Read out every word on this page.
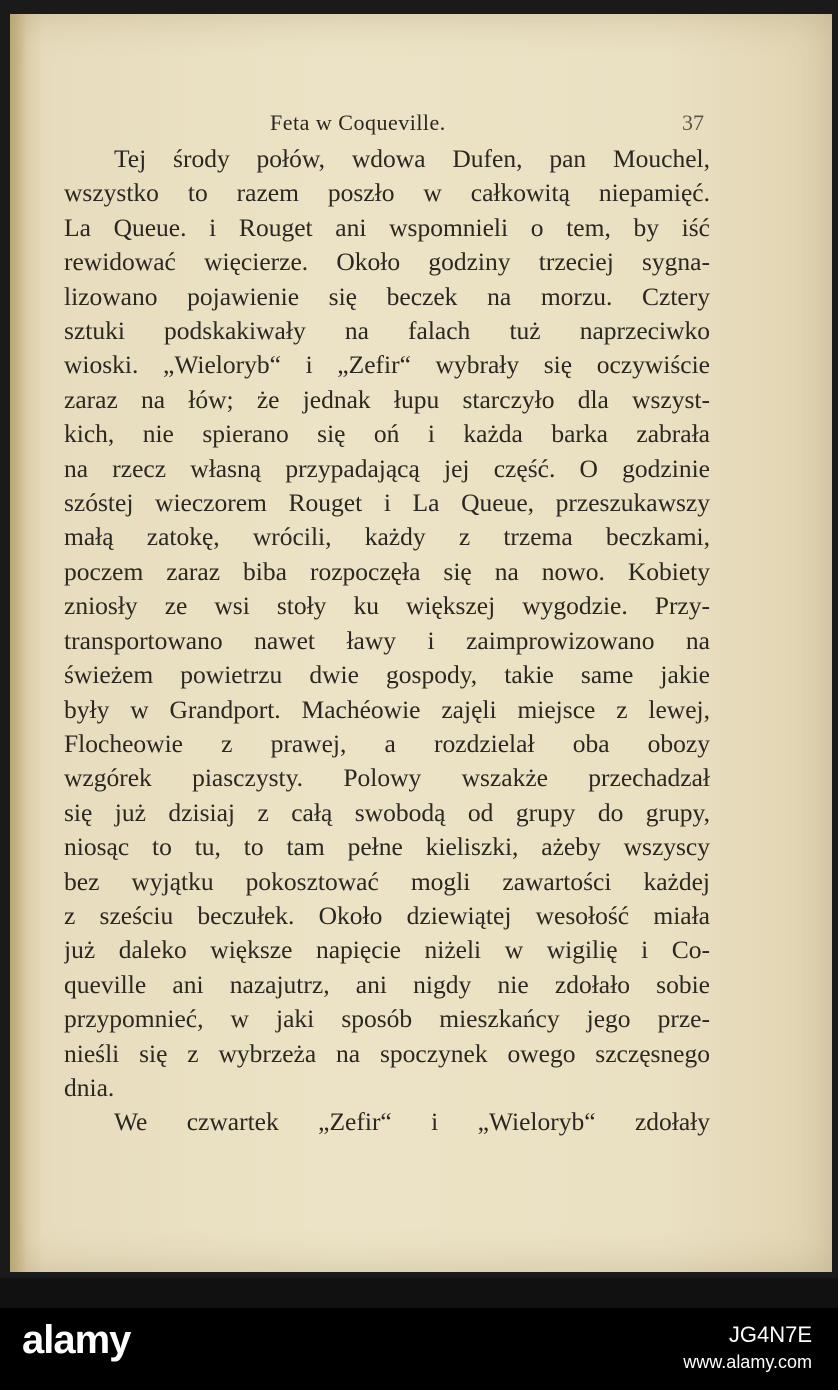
Feta w Coqueville.	37
Tej środy połów, wdowa Dufen, pan Mouchel,
wszystko to razem poszło w całkowitą niepamięć.
La Queue. i Rouget ani wspomnieli o tem, by iść
rewidować więcierze. Około godziny trzeciej sygna-
lizowano pojawienie się beczek na morzu. Cztery
sztuki podskakiwały na falach tuż naprzeciwko
wioski. „Wieloryb“ i „Zefir“ wybrały się oczywiście
zaraz na łów; że jednak łupu starczyło dla wszyst-
kich, nie spierano się oń i każda barka zabrała
na rzecz własną przypadającą jej część. O godzinie
szóstej wieczorem Rouget i La Queue, przeszukawszy
małą zatokę, wrócili, każdy z trzema beczkami,
poczem zaraz biba rozpoczęła się na nowo. Kobiety
zniosły ze wsi stoły ku większej wygodzie. Przy-
transportowano nawet ławy i zaimprowizowano na
świeżem powietrzu dwie gospody, takie same jakie
były w Grandport. Machéowie zajęli miejsce z lewej,
Flocheowie z prawej, a rozdzielał oba obozy
wzgórek piasczysty. Polowy wszakże przechadzał
się już dzisiaj z całą swobodą od grupy do grupy,
niosąc to tu, to tam pełne kieliszki, ażeby wszyscy
bez wyjątku pokosztować mogli zawartości każdej
z sześciu beczułek. Około dziewiątej wesołość miała
już daleko większe napięcie niżeli w wigilię i Co-
queville ani nazajutrz, ani nigdy nie zdołało sobie
przypomnieć, w jaki sposób mieszkańcy jego prze-
nieśli się z wybrzeża na spoczynek owego szczęsnego
dnia.
We czwartek „Zefir“ i „Wieloryb“ zdołały
alamy	JG4N7E
www.alamy.com
